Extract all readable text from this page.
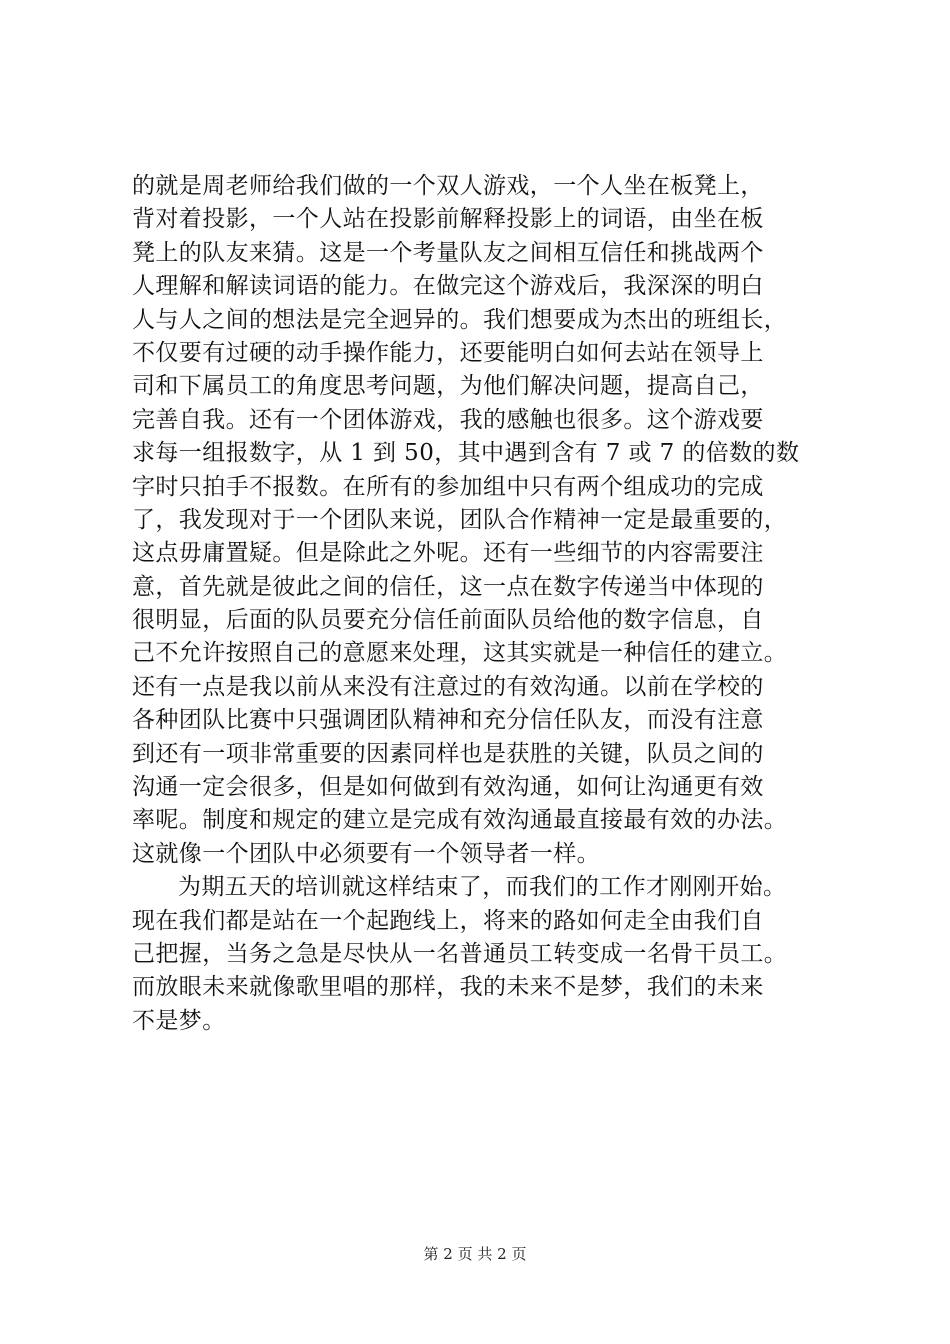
的就是周老师给我们做的一个双人游戏，一个人坐在板凳上，
背对着投影，一个人站在投影前解释投影上的词语，由坐在板
凳上的队友来猜。这是一个考量队友之间相互信任和挑战两个
人理解和解读词语的能力。在做完这个游戏后，我深深的明白
人与人之间的想法是完全迥异的。我们想要成为杰出的班组长，
不仅要有过硬的动手操作能力，还要能明白如何去站在领导上
司和下属员工的角度思考问题，为他们解决问题，提高自己，
完善自我。还有一个团体游戏，我的感触也很多。这个游戏要
求每一组报数字，从 1 到 50，其中遇到含有 7 或 7 的倍数的数
字时只拍手不报数。在所有的参加组中只有两个组成功的完成
了，我发现对于一个团队来说，团队合作精神一定是最重要的，
这点毋庸置疑。但是除此之外呢。还有一些细节的内容需要注
意，首先就是彼此之间的信任，这一点在数字传递当中体现的
很明显，后面的队员要充分信任前面队员给他的数字信息，自
己不允许按照自己的意愿来处理，这其实就是一种信任的建立。
还有一点是我以前从来没有注意过的有效沟通。以前在学校的
各种团队比赛中只强调团队精神和充分信任队友，而没有注意
到还有一项非常重要的因素同样也是获胜的关键，队员之间的
沟通一定会很多，但是如何做到有效沟通，如何让沟通更有效
率呢。制度和规定的建立是完成有效沟通最直接最有效的办法。
这就像一个团队中必须要有一个领导者一样。
为期五天的培训就这样结束了，而我们的工作才刚刚开始。
现在我们都是站在一个起跑线上，将来的路如何走全由我们自
己把握，当务之急是尽快从一名普通员工转变成一名骨干员工。
而放眼未来就像歌里唱的那样，我的未来不是梦，我们的未来
不是梦。
第 2 页 共 2 页
